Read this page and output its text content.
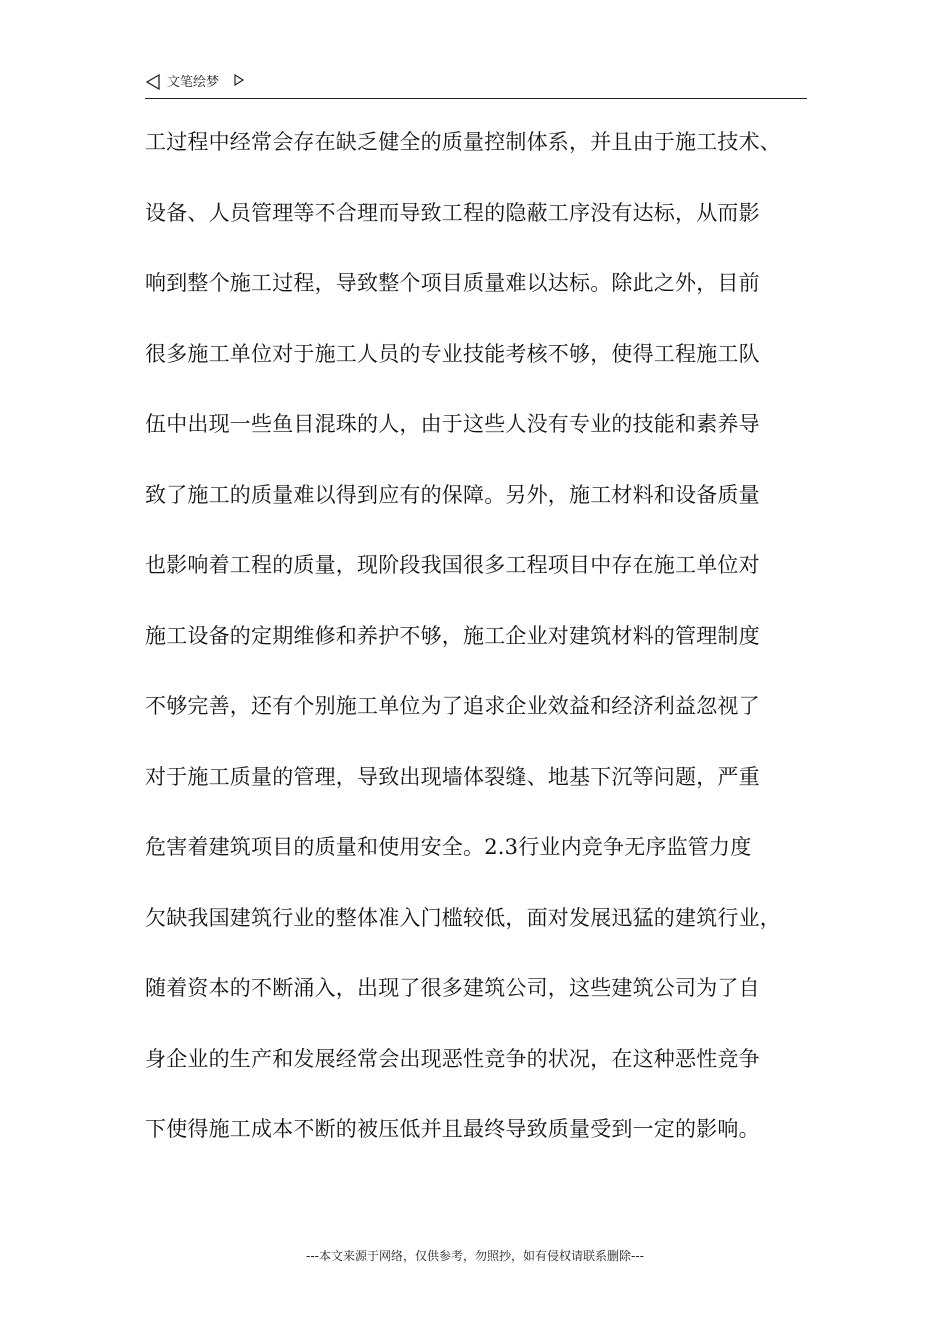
文笔绘梦
工过程中经常会存在缺乏健全的质量控制体系，并且由于施工技术、
设备、人员管理等不合理而导致工程的隐蔽工序没有达标，从而影
响到整个施工过程，导致整个项目质量难以达标。除此之外，目前
很多施工单位对于施工人员的专业技能考核不够，使得工程施工队
伍中出现一些鱼目混珠的人，由于这些人没有专业的技能和素养导
致了施工的质量难以得到应有的保障。另外，施工材料和设备质量
也影响着工程的质量，现阶段我国很多工程项目中存在施工单位对
施工设备的定期维修和养护不够，施工企业对建筑材料的管理制度
不够完善，还有个别施工单位为了追求企业效益和经济利益忽视了
对于施工质量的管理，导致出现墙体裂缝、地基下沉等问题，严重
危害着建筑项目的质量和使用安全。2.3行业内竞争无序监管力度
欠缺我国建筑行业的整体准入门槛较低，面对发展迅猛的建筑行业，
随着资本的不断涌入，出现了很多建筑公司，这些建筑公司为了自
身企业的生产和发展经常会出现恶性竞争的状况，在这种恶性竞争
下使得施工成本不断的被压低并且最终导致质量受到一定的影响。
---本文来源于网络，仅供参考，勿照抄，如有侵权请联系删除---
